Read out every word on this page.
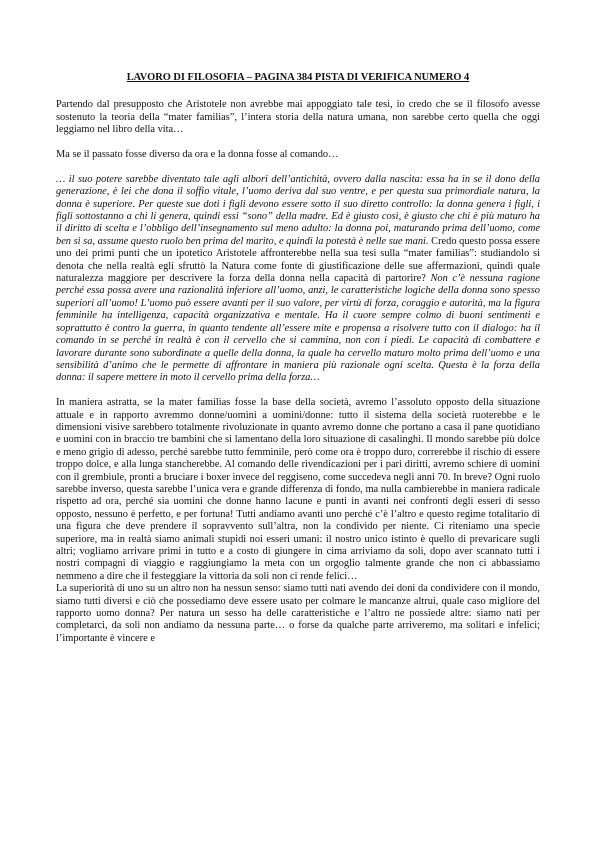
LAVORO DI FILOSOFIA – PAGINA 384 PISTA DI VERIFICA NUMERO 4

Partendo dal presupposto che Aristotele non avrebbe mai appoggiato tale tesi, io credo che se il filosofo avesse sostenuto la teoria della “mater familias”, l’intera storia della natura umana, non sarebbe certo quella che oggi leggiamo nel libro della vita…

Ma se il passato fosse diverso da ora e la donna fosse al comando…

… il suo potere sarebbe diventato tale agli albori dell’antichità, ovvero dalla nascita: essa ha in se il dono della generazione, è lei che dona il soffio vitale, l’uomo deriva dal suo ventre, e per questa sua primordiale natura, la donna è superiore. Per queste sue doti i figli devono essere sotto il suo diretto controllo: la donna genera i figli, i figli sottostanno a chi li genera, quindi essi “sono” della madre. Ed è giusto così, è giusto che chi è più maturo ha il diritto di scelta e l’obbligo dell’insegnamento sul meno adulto: la donna poi, maturando prima dell’uomo, come ben si sa, assume questo ruolo ben prima del marito, e quindi la potestà è nelle sue mani. Credo questo possa essere uno dei primi punti che un ipotetico Aristotele affronterebbe nella sua tesi sulla “mater familias”: studiandolo si denota che nella realtà egli sfruttò la Natura come fonte di giustificazione delle sue affermazioni, quindi quale naturalezza maggiore per descrivere la forza della donna nella capacità di partorire? Non c’è nessuna ragione perché essa possa avere una razionalità inferiore all’uomo, anzi, le caratteristiche logiche della donna sono spesso superiori all’uomo! L’uomo può essere avanti per il suo valore, per virtù di forza, coraggio e autorità, ma la figura femminile ha intelligenza, capacità organizzativa e mentale. Ha il cuore sempre colmo di buoni sentimenti e soprattutto è contro la guerra, in quanto tendente all’essere mite e propensa a risolvere tutto con il dialogo: ha il comando in se perché in realtà è con il cervello che si cammina, non con i piedi. Le capacità di combattere e lavorare durante sono subordinate a quelle della donna, la quale ha cervello maturo molto prima dell’uomo e una sensibilità d’animo che le permette di affrontare in maniera più razionale ogni scelta. Questa è la forza della donna: il sapere mettere in moto il cervello prima della forza…

In maniera astratta, se la mater familias fosse la base della società, avremo l’assoluto opposto della situazione attuale e in rapporto avremmo donne/uomini a uomini/donne: tutto il sistema della società ruoterebbe e le dimensioni visive sarebbero totalmente rivoluzionate in quanto avremo donne che portano a casa il pane quotidiano e uomini con in braccio tre bambini che si lamentano della loro situazione di casalinghi. Il mondo sarebbe più dolce e meno grigio di adesso, perché sarebbe tutto femminile, però come ora è troppo duro, correrebbe il rischio di essere troppo dolce, e alla lunga stancherebbe. Al comando delle rivendicazioni per i pari diritti, avremo schiere di uomini con il grembiule, pronti a bruciare i boxer invece del reggiseno, come succedeva negli anni 70. In breve? Ogni ruolo sarebbe inverso, questa sarebbe l’unica vera e grande differenza di fondo, ma nulla cambierebbe in maniera radicale rispetto ad ora, perché sia uomini che donne hanno lacune e punti in avanti nei confronti degli esseri di sesso opposto, nessuno è perfetto, e per fortuna! Tutti andiamo avanti uno perché c’è l’altro e questo regime totalitario di una figura che deve prendere il sopravvento sull’altra, non la condivido per niente. Ci riteniamo una specie superiore, ma in realtà siamo animali stupidi noi esseri umani: il nostro unico istinto è quello di prevaricare sugli altri; vogliamo arrivare primi in tutto e a costo di giungere in cima arriviamo da soli, dopo aver scannato tutti i nostri compagni di viaggio e raggiungiamo la meta con un orgoglio talmente grande che non ci abbassiamo nemmeno a dire che il festeggiare la vittoria da soli non ci rende felici…

La superiorità di uno su un altro non ha nessun senso: siamo tutti nati avendo dei doni da condividere con il mondo, siamo tutti diversi e ciò che possediamo deve essere usato per colmare le mancanze altrui, quale caso migliore del rapporto uomo donna? Per natura un sesso ha delle caratteristiche e l’altro ne possiede altre: siamo nati per completarci, da soli non andiamo da nessuna parte… o forse da qualche parte arriveremo, ma solitari e infelici; l’importante è vincere e
